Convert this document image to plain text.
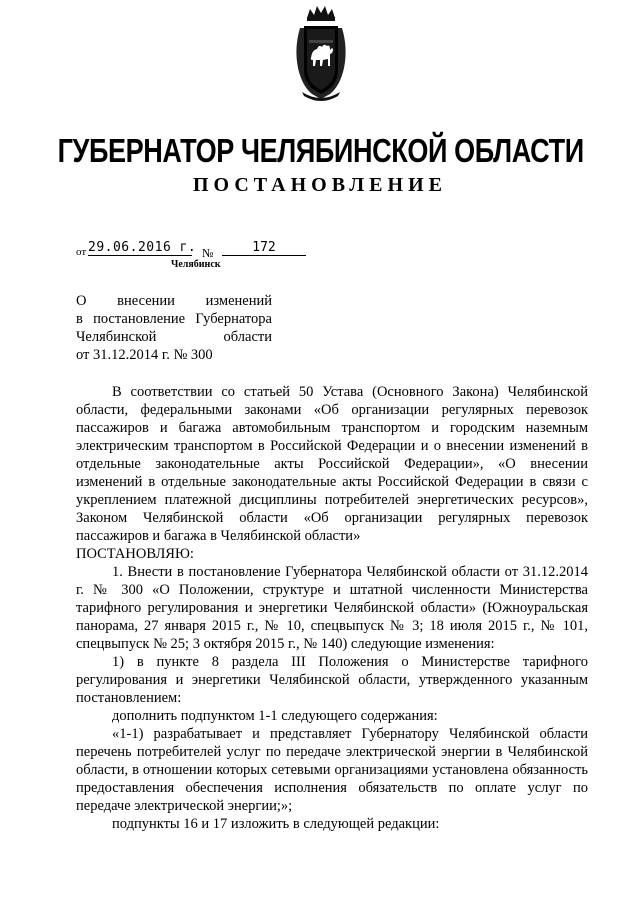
ГУБЕРНАТОР ЧЕЛЯБИНСКОЙ ОБЛАСТИ
ПОСТАНОВЛЕНИЕ
от 29.06.2016 г. №	172
Челябинск
О внесении изменений
в постановление Губернатора
Челябинской области
от 31.12.2014 г. № 300

В соответствии со статьей 50 Устава (Основного Закона) Челябинской области, федеральными законами «Об организации регулярных перевозок пассажиров и багажа автомобильным транспортом и городским наземным электрическим транспортом в Российской Федерации и о внесении изменений в отдельные законодательные акты Российской Федерации», «О внесении изменений в отдельные законодательные акты Российской Федерации в связи с укреплением платежной дисциплины потребителей энергетических ресурсов», Законом Челябинской области «Об организации регулярных перевозок пассажиров и багажа в Челябинской области»

ПОСТАНОВЛЯЮ:

1. Внести в постановление Губернатора Челябинской области от 31.12.2014 г. № 300 «О Положении, структуре и штатной численности Министерства тарифного регулирования и энергетики Челябинской области» (Южноуральская панорама, 27 января 2015 г., № 10, спецвыпуск № 3; 18 июля 2015 г., № 101, спецвыпуск № 25; 3 октября 2015 г., № 140) следующие изменения:

1) в пункте 8 раздела III Положения о Министерстве тарифного регулирования и энергетики Челябинской области, утвержденного указанным постановлением:

дополнить подпунктом 1-1 следующего содержания:

«1-1) разрабатывает и представляет Губернатору Челябинской области перечень потребителей услуг по передаче электрической энергии в Челябинской области, в отношении которых сетевыми организациями установлена обязанность предоставления обеспечения исполнения обязательств по оплате услуг по передаче электрической энергии;»;

подпункты 16 и 17 изложить в следующей редакции:
